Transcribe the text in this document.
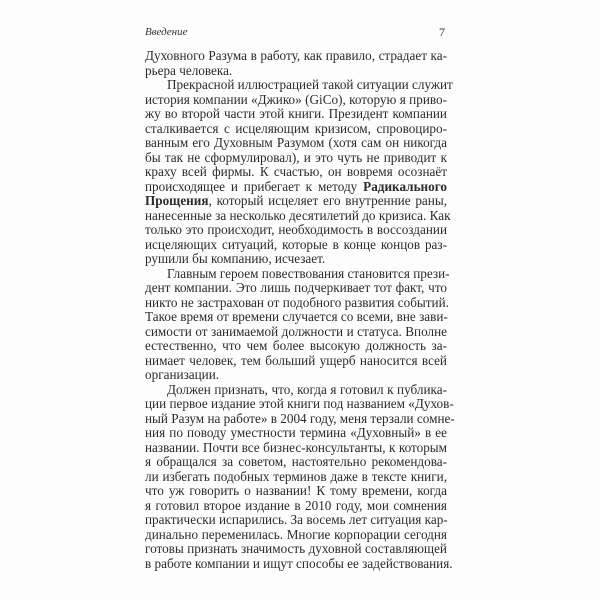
Введение	7
Духовного Разума в работу, как правило, страдает ка-
рьера человека.
Прекрасной иллюстрацией такой ситуации служит
история компании «Джико» (GiCo), которую я приво-
жу во второй части этой книги. Президент компании
сталкивается с исцеляющим кризисом, спровоциро-
ванным его Духовным Разумом (хотя сам он никогда
бы так не сформулировал), и это чуть не приводит к
краху всей фирмы. К счастью, он вовремя осознаёт
происходящее и прибегает к методу Радикального
Прощения, который исцеляет его внутренние раны,
нанесенные за несколько десятилетий до кризиса. Как
только это происходит, необходимость в воссоздании
исцеляющих ситуаций, которые в конце концов раз-
рушили бы компанию, исчезает.
Главным героем повествования становится прези-
дент компании. Это лишь подчеркивает тот факт, что
никто не застрахован от подобного развития событий.
Такое время от времени случается со всеми, вне зави-
симости от занимаемой должности и статуса. Вполне
естественно, что чем более высокую должность за-
нимает человек, тем больший ущерб наносится всей
организации.
Должен признать, что, когда я готовил к публика-
ции первое издание этой книги под названием «Духов-
ный Разум на работе» в 2004 году, меня терзали сомне-
ния по поводу уместности термина «Духовный» в ее
названии. Почти все бизнес-консультанты, к которым
я обращался за советом, настоятельно рекомендова-
ли избегать подобных терминов даже в тексте книги,
что уж говорить о названии! К тому времени, когда
я готовил второе издание в 2010 году, мои сомнения
практически испарились. За восемь лет ситуация кар-
динально переменилась. Многие корпорации сегодня
готовы признать значимость духовной составляющей
в работе компании и ищут способы ее задействования.
